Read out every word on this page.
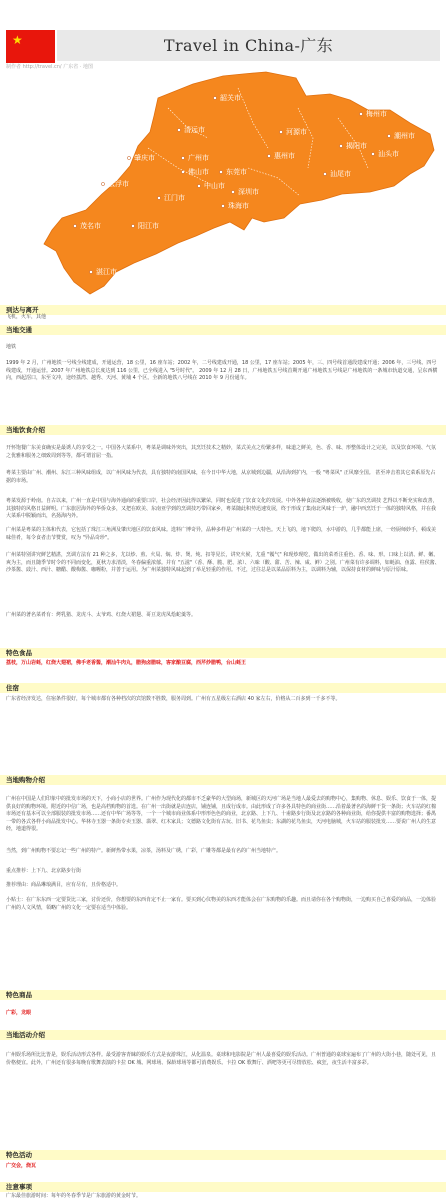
★	Travel in China-广东
制作者 http://travel.cn/ 广东省 · 地图
韶关市
梅州市
清远市	河源市	潮州市
汕头市
揭阳市
广州市	惠州市
汕尾市
肇庆市
佛山市 东莞市
云浮市
深圳市
中山市
江门市
珠海市
阳江市
茂名市
湛江市
到达与离开
飞机，火车，其他
当地交通
地铁
1999 年 2 月，广州地铁一号线全线建成，开通运营，18 公里，16 座车站；2002 年，二号线建成开通，18 公里，17 座车站；2005 年，三、四号线首通段建成开通；2006 年，三号线、四号线建成，开通运营。2007 年广州地铁总长度达到 116 公里，已全线进入 "5号时代"。 2009 年 12 月 28 日，广州地铁五号线首期开通广州地铁五号线是广州地铁的一条城市轨道交通，呈东西横向，西起滘口，东至文冲，途经荔湾、越秀、天河、黄埔 4 个区。全新的地铁八号线在 2010 年 9 月份通车。
当地饮食介绍
开怀饱餐广东美食确实是最诱人的享受之一。中国各大菜系中，粤菜是调味外突出，其烹饪技术之精妙，菜式美点之纷繁多样，味道之鲜美，色、香、味、形整体设计之完美，以及饮食环境、气氛之优雅和服务之细致周到等等，都可谓首屈一指。
粤菜主要由广州、潮州、东江三种风味组成，以广州风味为代表，具有独特的南国风味，在今日中华大地，从京城到边疆，从沿海到扩内，一般 "粤菜风" 正风靡全国。 甚至冲击着其它菜系原先占据的市场。
粤菜发源于岭南。自古以来，广州一直是中国与海外通商的重要口岸，社会经济因此得以繁荣，同时也促进了饮食文化的发展。中外各种食法逐渐被吸收，使广东的烹调技 艺得以不断充实和改善，其独特的风格日益鲜明。广东旅居海外的华侨众多，又把在欧美、东南亚学到的烹调技巧带回家乡，粤菜随此积势迅速发展，终于形成了集南北风味于一炉，融中西烹饪于一体的独特风格，并在我大菜系中脱颖而出，名扬海内外。
广州菜是粤菜的主体和代表，它包括了珠江三角洲及肇庆地区的饮食风味。选料广博奇异，品种多样是广州菜的一大特色。天上飞的，地下爬的，水中游的，几乎都能上席，一经厨师妙手，顿成美味佳肴，每令食者击节赞赏，叹为 "异品奇珍"。
广州菜特别讲究鲜艺精湛，烹调方法有 21 种之多，尤以炒、煎、火局、焖、炸、煲、炖、扣等见长，讲究火候，尤重 "镬气" 和现炒现吃，做出的菜肴注重色、香、味、形。口味上以清、鲜、嫩、爽为主，而且随季节时令的不同而变化，夏秋力求清淡，冬春偏重浓郁。并有 "五滋"（香、酥、脆、肥、浓）、六味（酸、甜、苦、辣、咸、鲜）之别。广州菜有许多调料，如蚝油、鱼露、柱侯酱、沙茶酱、豉汁、西汁、糖醋、酸梅酱、咖喱粉，并善于运用。为广州菜独特风味起到了举足轻重的作用。不过，过往总是以菜品原料为主，以调料为辅，以保持食材的鲜味与原汁原味。
广州菜的著名菜肴有：烤乳猪、龙虎斗、太爷鸡、红烧大裙翅、哥豆龙虎凤烩蛇羹等。
特色食品
荔枝，万山岩蚝，红烧大翅裙，佛手老香酱，潮汕牛肉丸，腊狗卤腊味，客家酿豆腐，西芹炒腊鸭，台山蚝王
住宿
广东省经济发达，住宿条件很好，每个城市都有各种档次的宾馆数不胜数，服务周到。广州有五星级左右酒店 40 家左右，价格从二百多到一千多不等。
当地购物介绍
广州在中国是人们印象中的批发市场的天下，小商小店的世界。广州作为现代化的都市不乏豪华的大型商场，新城区的天河广场是当地人最爱去的购物中心，集购物、休息、娱乐、饮食于一体，提供良好的购物环境。附近的中信广场，也是高档购物的首选。在广州一出街就是店连店，铺连铺，且成行成市。由此形成了许多各具特色的商业街……沿着最著名的海鲜干货一条街；火车站的红棉市场还有基本可以全部服装的批发市场……还有中华广场等等，一个一个城市商业体系中形形色色的商业，北京路、上下九、十甫路步行街及北京路的各种商业街，给你提供丰富的购物选择；番禺一带的各式各样小商品批发中心。华林寺玉器一条街专卖玉器、翡翠、红木家具；文德路文化街有古玩、旧书、花鸟鱼虫；东湖的花鸟鱼虫，天河电脑城，火车站的服装批发……要说广州人的生意经，地道得很。
当然，到广州购物不要忘记一些广州的特产。新鲜热带水果，凉茶，汤料及广绣，广彩，广雕等都是最有名的广州当地特产。
重点推荐：上下九、北京路步行街
推荐理由：商品琳琅满目，应有尽有，且价格适中。
小贴士：在广东东西一定要货比三家，讨价还价，你想要的东西肯定不止一家有。要买到心仪物美的东西才能体会在广东购物的乐趣。而且请你在各个购物街，一边购买自己喜爱的商品，一边体验广州的人文风情，領略广州的文化一定要在适当中体验。
特色商品
广彩，龙眼
当地活动介绍
广州娱乐场所比比皆是，娱乐活动形式各样。最受游客青睐的娱乐方式是夜游珠江，从化温泉。桌球和电影院是广州人最喜爱的娱乐活动。广州普通的桌球室遍布了广州的大街小巷，随处可见，且价格便宜。此外，广州还有很多每晚有歌舞表演的卡拉 OK 城、网球场、保龄球场等都可消费娱乐。卡拉 OK 歌舞厅、酒吧等更可尽情放松、疯狂，夜生活丰富多彩。
特色活动
广交会，烧瓦
注意事项
广东最佳旅游时间：每年的冬春季节是广东旅游的黄金时节。
